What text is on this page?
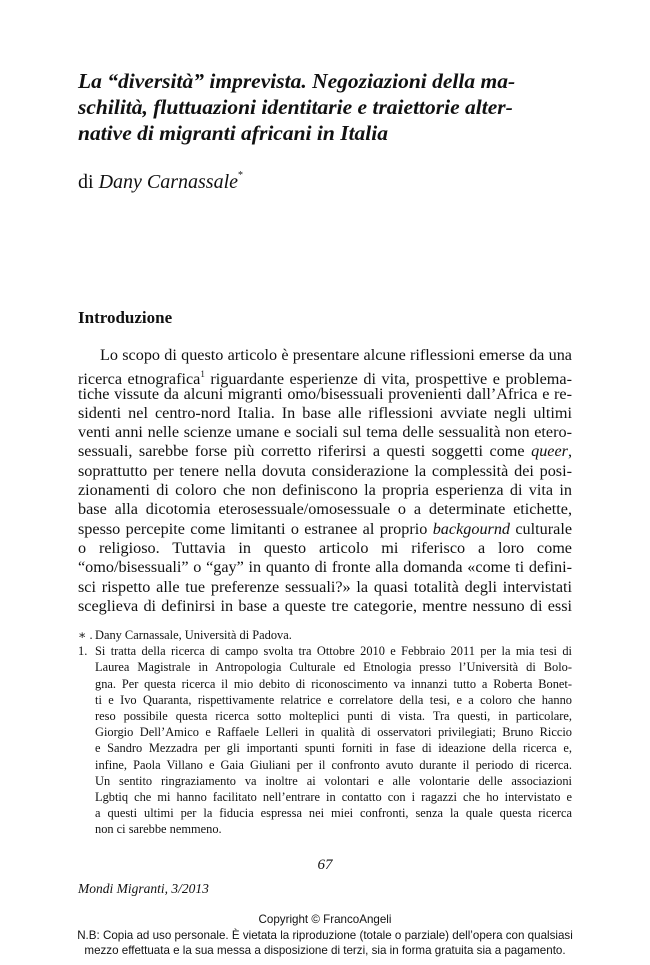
La “diversità” imprevista. Negoziazioni della ma-
schilità, fluttuazioni identitarie e traiettorie alter-
native di migranti africani in Italia
di Dany Carnassale*
Introduzione
Lo scopo di questo articolo è presentare alcune riflessioni emerse da una
ricerca etnografica$^1$ riguardante esperienze di vita, prospettive e problema-
tiche vissute da alcuni migranti omo/bisessuali provenienti dall’Africa e re-
sidenti nel centro-nord Italia. In base alle riflessioni avviate negli ultimi
venti anni nelle scienze umane e sociali sul tema delle sessualità non etero-
sessuali, sarebbe forse più corretto riferirsi a questi soggetti come queer,
soprattutto per tenere nella dovuta considerazione la complessità dei posi-
zionamenti di coloro che non definiscono la propria esperienza di vita in
base alla dicotomia eterosessuale/omosessuale o a determinate etichette,
spesso percepite come limitanti o estranee al proprio backgournd culturale
o religioso. Tuttavia in questo articolo mi riferisco a loro come
“omo/bisessuali” o “gay” in quanto di fronte alla domanda «come ti defini-
sci rispetto alle tue preferenze sessuali?» la quasi totalità degli intervistati
sceglieva di definirsi in base a queste tre categorie, mentre nessuno di essi
∗ . Dany Carnassale, Università di Padova.
1. Si tratta della ricerca di campo svolta tra Ottobre 2010 e Febbraio 2011 per la mia tesi di
Laurea Magistrale in Antropologia Culturale ed Etnologia presso l’Università di Bolo-
gna. Per questa ricerca il mio debito di riconoscimento va innanzi tutto a Roberta Bonet-
ti e Ivo Quaranta, rispettivamente relatrice e correlatore della tesi, e a coloro che hanno
reso possibile questa ricerca sotto molteplici punti di vista. Tra questi, in particolare,
Giorgio Dell’Amico e Raffaele Lelleri in qualità di osservatori privilegiati; Bruno Riccio
e Sandro Mezzadra per gli importanti spunti forniti in fase di ideazione della ricerca e,
infine, Paola Villano e Gaia Giuliani per il confronto avuto durante il periodo di ricerca.
Un sentito ringraziamento va inoltre ai volontari e alle volontarie delle associazioni
Lgbtiq che mi hanno facilitato nell’entrare in contatto con i ragazzi che ho intervistato e
a questi ultimi per la fiducia espressa nei miei confronti, senza la quale questa ricerca
non ci sarebbe nemmeno.
67
Mondi Migranti, 3/2013
Copyright © FrancoAngeli
N.B: Copia ad uso personale. È vietata la riproduzione (totale o parziale) dell’opera con qualsiasi
mezzo effettuata e la sua messa a disposizione di terzi, sia in forma gratuita sia a pagamento.
